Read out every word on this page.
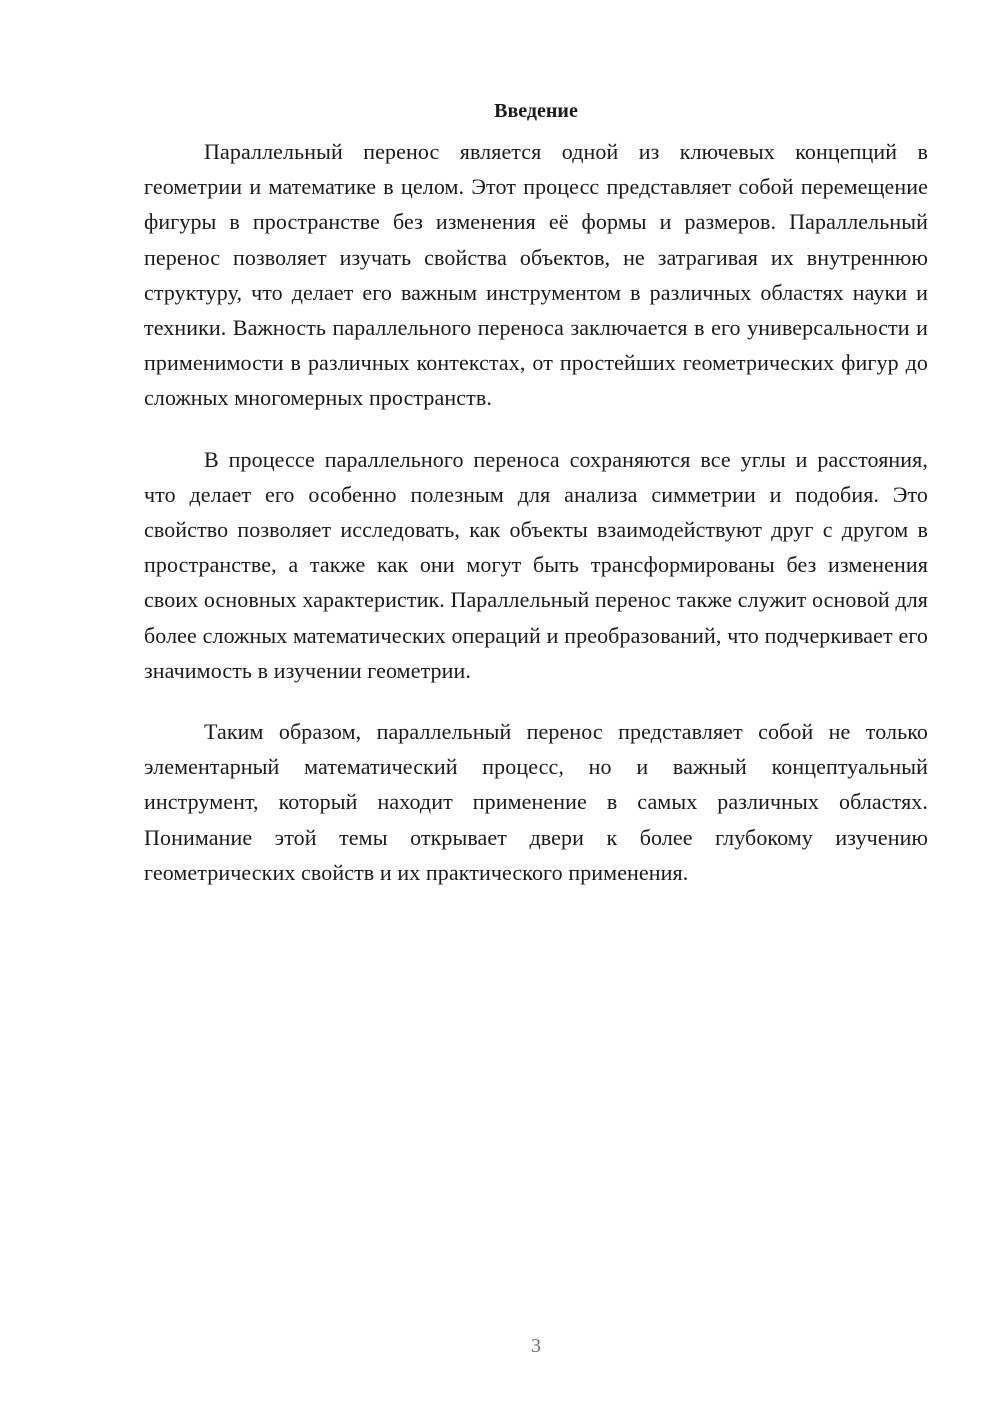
Введение

Параллельный перенос является одной из ключевых концепций в геометрии и математике в целом. Этот процесс представляет собой перемещение фигуры в пространстве без изменения её формы и размеров. Параллельный перенос позволяет изучать свойства объектов, не затрагивая их внутреннюю структуру, что делает его важным инструментом в различных областях науки и техники. Важность параллельного переноса заключается в его универсальности и применимости в различных контекстах, от простейших геометрических фигур до сложных многомерных пространств.

В процессе параллельного переноса сохраняются все углы и расстояния, что делает его особенно полезным для анализа симметрии и подобия. Это свойство позволяет исследовать, как объекты взаимодействуют друг с другом в пространстве, а также как они могут быть трансформированы без изменения своих основных характеристик. Параллельный перенос также служит основой для более сложных математических операций и преобразований, что подчеркивает его значимость в изучении геометрии.

Таким образом, параллельный перенос представляет собой не только элементарный математический процесс, но и важный концептуальный инструмент, который находит применение в самых различных областях. Понимание этой темы открывает двери к более глубокому изучению геометрических свойств и их практического применения.

3
